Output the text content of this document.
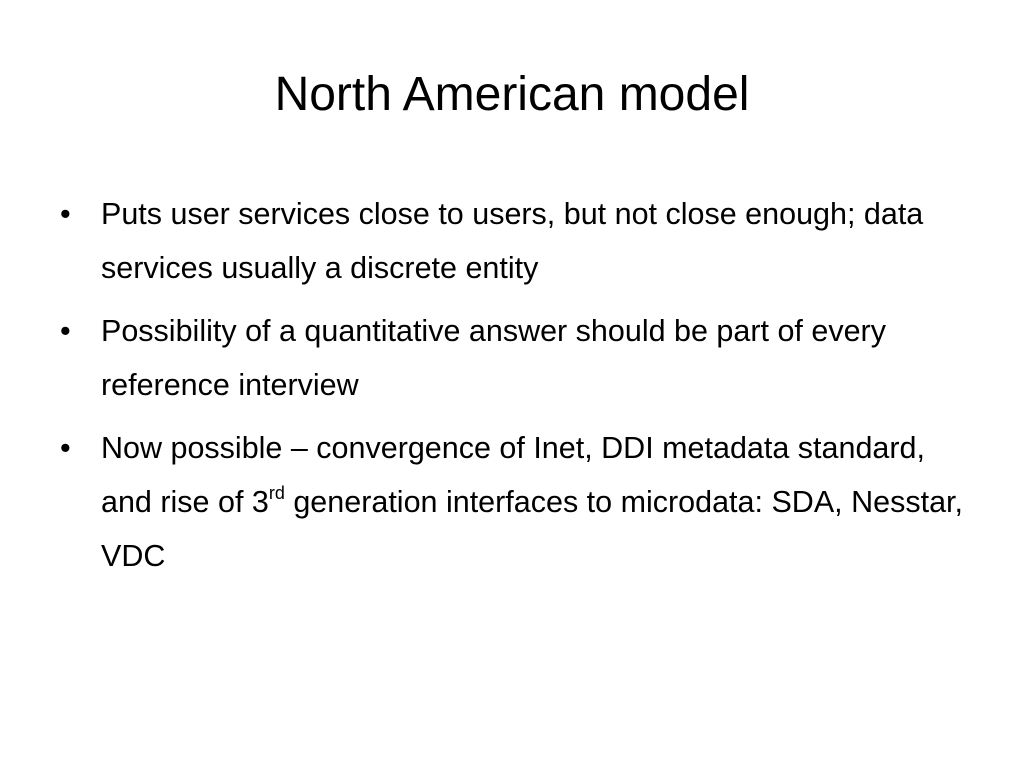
North American model
• Puts user services close to users, but not close enough; data services usually a discrete entity
• Possibility of a quantitative answer should be part of every reference interview
• Now possible – convergence of Inet, DDI metadata standard, and rise of 3rd generation interfaces to microdata: SDA, Nesstar, VDC
